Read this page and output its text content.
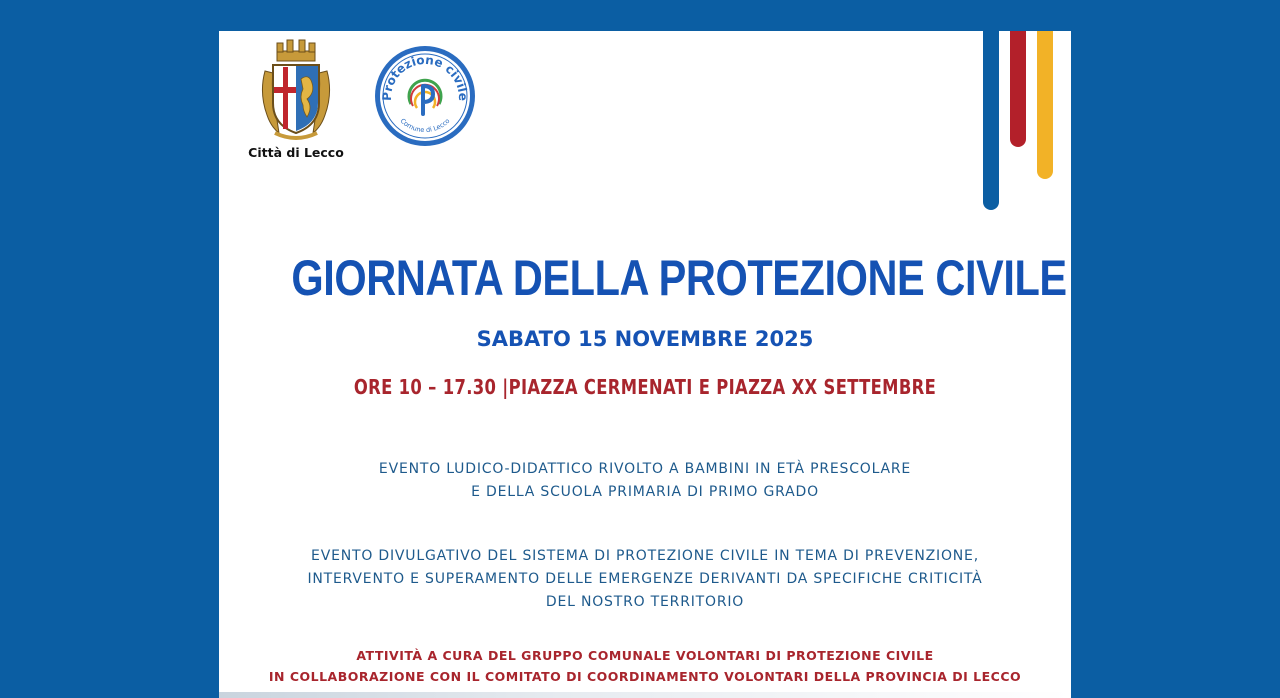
Città di Lecco
Protezione civile
Comune di Lecco
GIORNATA DELLA PROTEZIONE CIVILE
SABATO 15 NOVEMBRE 2025
ORE 10 – 17.30 |PIAZZA CERMENATI E PIAZZA XX SETTEMBRE
EVENTO LUDICO-DIDATTICO RIVOLTO A BAMBINI IN ETÀ PRESCOLARE
E DELLA SCUOLA PRIMARIA DI PRIMO GRADO
EVENTO DIVULGATIVO DEL SISTEMA DI PROTEZIONE CIVILE IN TEMA DI PREVENZIONE,
INTERVENTO E SUPERAMENTO DELLE EMERGENZE DERIVANTI DA SPECIFICHE CRITICITÀ
DEL NOSTRO TERRITORIO
ATTIVITÀ A CURA DEL GRUPPO COMUNALE VOLONTARI DI PROTEZIONE CIVILE
IN COLLABORAZIONE CON IL COMITATO DI COORDINAMENTO VOLONTARI DELLA PROVINCIA DI LECCO
